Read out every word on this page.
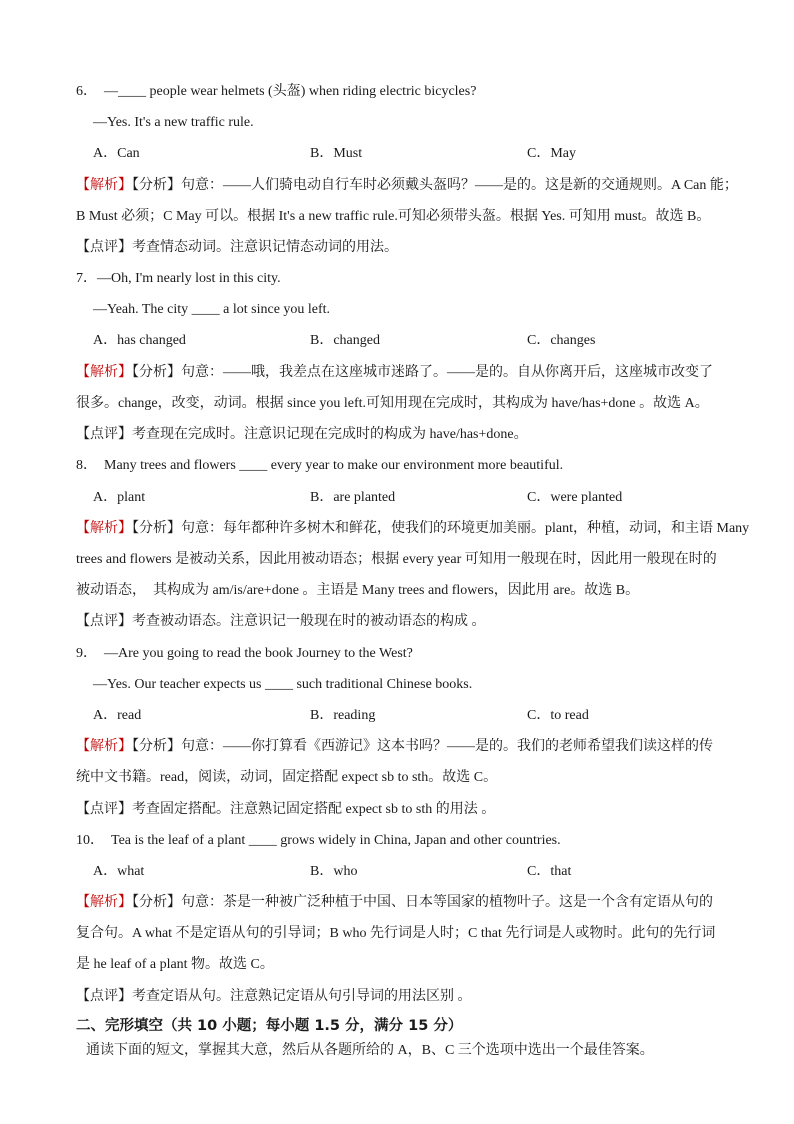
6．　—____ people wear helmets (头盔) when riding electric bicycles?
—Yes. It's a new traffic rule.
A．Can	B．Must	C．May
【解析】【分析】句意：——人们骑电动自行车时必须戴头盔吗？——是的。这是新的交通规则。A Can 能；
B Must 必须；C May 可以。根据 It's a new traffic rule.可知必须带头盔。根据 Yes. 可知用 must。故选 B。
【点评】考查情态动词。注意识记情态动词的用法。
7．—Oh, I'm nearly lost in this city.
—Yeah. The city ____ a lot since you left.
A．has changed	B．changed	C．changes
【解析】【分析】句意：——哦，我差点在这座城市迷路了。——是的。自从你离开后，这座城市改变了
很多。change，改变，动词。根据 since you left.可知用现在完成时，其构成为 have/has+done 。故选 A。
【点评】考查现在完成时。注意识记现在完成时的构成为 have/has+done。
8．　Many trees and flowers ____ every year to make our environment more beautiful.
A．plant	B．are planted	C．were planted
【解析】【分析】句意：每年都种许多树木和鲜花，使我们的环境更加美丽。plant，种植，动词，和主语 Many
trees and flowers 是被动关系，因此用被动语态；根据 every year 可知用一般现在时，因此用一般现在时的
被动语态，　其构成为 am/is/are+done 。主语是 Many trees and flowers，因此用 are。故选 B。
【点评】考查被动语态。注意识记一般现在时的被动语态的构成 。
9．　—Are you going to read the book Journey to the West?
—Yes. Our teacher expects us ____ such traditional Chinese books.
A．read	B．reading	C．to read
【解析】【分析】句意：——你打算看《西游记》这本书吗？——是的。我们的老师希望我们读这样的传
统中文书籍。read，阅读，动词，固定搭配 expect sb to sth。故选 C。
【点评】考查固定搭配。注意熟记固定搭配 expect sb to sth 的用法 。
10．　Tea is the leaf of a plant ____ grows widely in China, Japan and other countries.
A．what	B．who	C．that
【解析】【分析】句意：茶是一种被广泛种植于中国、日本等国家的植物叶子。这是一个含有定语从句的
复合句。A what 不是定语从句的引导词；B who 先行词是人时；C that 先行词是人或物时。此句的先行词
是 he leaf of a plant 物。故选 C。
【点评】考查定语从句。注意熟记定语从句引导词的用法区别 。
二、完形填空（共 10 小题；每小题 1.5 分，满分 15 分）
通读下面的短文，掌握其大意，然后从各题所给的 A，B、C 三个选项中选出一个最佳答案。
